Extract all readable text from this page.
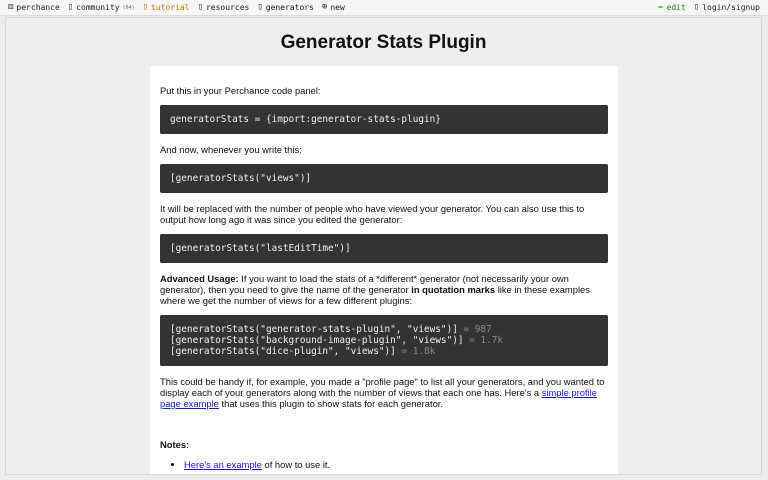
⚄ perchance ▯ community (64) ▯ tutorial ▯ resources ▯ generators ⊕ new	✏ edit ▯ login/signup
Generator Stats Plugin

Put this in your Perchance code panel:

generatorStats = {import:generator-stats-plugin}

And now, whenever you write this:

[generatorStats("views")]

It will be replaced with the number of people who have viewed your generator. You can also use this to output how long ago it was since you edited the generator:

[generatorStats("lastEditTime")]

Advanced Usage: If you want to load the stats of a *different* generator (not necessarily your own generator), then you need to give the name of the generator in quotation marks like in these examples where we get the number of views for a few different plugins:

[generatorStats("generator-stats-plugin", "views")] = 987
[generatorStats("background-image-plugin", "views")] = 1.7k
[generatorStats("dice-plugin", "views")] = 1.8k

This could be handy if, for example, you made a "profile page" to list all your generators, and you wanted to display each of your generators along with the number of views that each one has. Here's a simple profile page example that uses this plugin to show stats for each generator.

Notes:

• Here's an example of how to use it.
